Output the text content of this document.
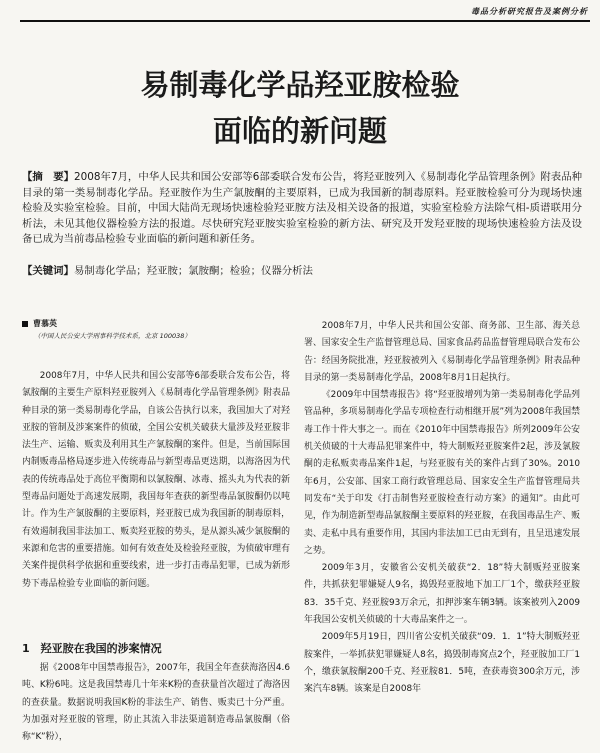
毒品分析研究报告及案例分析
易制毒化学品羟亚胺检验
面临的新问题
【摘　要】2008年7月，中华人民共和国公安部等6部委联合发布公告，将羟亚胺列入《易制毒化学品管理条例》附表品种目录的第一类易制毒化学品。羟亚胺作为生产氯胺酮的主要原料，已成为我国新的制毒原料。羟亚胺检验可分为现场快速检验及实验室检验。目前，中国大陆尚无现场快速检验羟亚胺方法及相关设备的报道，实验室检验方法除气相-质谱联用分析法，未见其他仪器检验方法的报道。尽快研究羟亚胺实验室检验的新方法、研究及开发羟亚胺的现场快速检验方法及设备已成为当前毒品检验专业面临的新问题和新任务。
【关键词】易制毒化学品；羟亚胺；氯胺酮；检验；仪器分析法
曹慕英
（中国人民公安大学刑事科学技术系，北京 100038）

2008年7月，中华人民共和国公安部等6部委联合发布公告，将氯胺酮的主要生产原料羟亚胺列入《易制毒化学品管理条例》附表品种目录的第一类易制毒化学品，自该公告执行以来，我国加大了对羟亚胺的管制及涉案案件的侦破，全国公安机关破获大量涉及羟亚胺非法生产、运输、贩卖及利用其生产氯胺酮的案件。但是，当前国际国内制贩毒品格局逐步进入传统毒品与新型毒品更迭期，以海洛因为代表的传统毒品处于高位平衡期和以氯胺酮、冰毒、摇头丸为代表的新型毒品问题处于高速发展期，我国每年查获的新型毒品氯胺酮仍以吨计。作为生产氯胺酮的主要原料，羟亚胺已成为我国新的制毒原料，有效遏制我国非法加工、贩卖羟亚胺的势头，是从源头减少氯胺酮的来源和危害的重要措施。如何有效查处及检验羟亚胺，为侦破审理有关案件提供科学依据和重要线索，进一步打击毒品犯罪，已成为新形势下毒品检验专业面临的新问题。

1　羟亚胺在我国的涉案情况

据《2008年中国禁毒报告》，2007年，我国全年查获海洛因4.6吨、K粉6吨。这是我国禁毒几十年来K粉的查获量首次超过了海洛因的查获量。数据说明我国K粉的非法生产、销售、贩卖已十分严重。为加强对羟亚胺的管理，防止其流入非法渠道制造毒品氯胺酮（俗称“K”粉），

2008年7月，中华人民共和国公安部、商务部、卫生部、海关总署、国家安全生产监督管理总局、国家食品药品监督管理局联合发布公告：经国务院批准，羟亚胺被列入《易制毒化学品管理条例》附表品种目录的第一类易制毒化学品，2008年8月1日起执行。

《2009年中国禁毒报告》将“羟亚胺增列为第一类易制毒化学品列管品种，多项易制毒化学品专项检查行动相继开展”列为2008年我国禁毒工作十件大事之一。而在《2010年中国禁毒报告》所列2009年公安机关侦破的十大毒品犯罪案件中，特大制贩羟亚胺案件2起，涉及氯胺酮的走私贩卖毒品案件1起，与羟亚胺有关的案件占到了30%。2010年6月，公安部、国家工商行政管理总局、国家安全生产监督管理局共同发布“关于印发《打击制售羟亚胺检查行动方案》的通知”。由此可见，作为制造新型毒品氯胺酮主要原料的羟亚胺，在我国毒品生产、贩卖、走私中具有重要作用，其国内非法加工已由无到有，且呈迅速发展之势。

2009年3月，安徽省公安机关破获“2．18”特大制贩羟亚胺案件，共抓获犯罪嫌疑人9名，捣毁羟亚胺地下加工厂1个，缴获羟亚胺83．35千克、羟亚胺93万余元，扣押涉案车辆3辆。该案被列入2009年我国公安机关侦破的十大毒品案件之一。

2009年5月19日，四川省公安机关破获“09．1．1”特大制贩羟亚胺案件，一举抓获犯罪嫌疑人8名，捣毁制毒窝点2个，羟亚胺加工厂1个，缴获氯胺酮200千克、羟亚胺81．5吨，查获毒资300余万元，涉案汽车8辆。该案是自2008年
